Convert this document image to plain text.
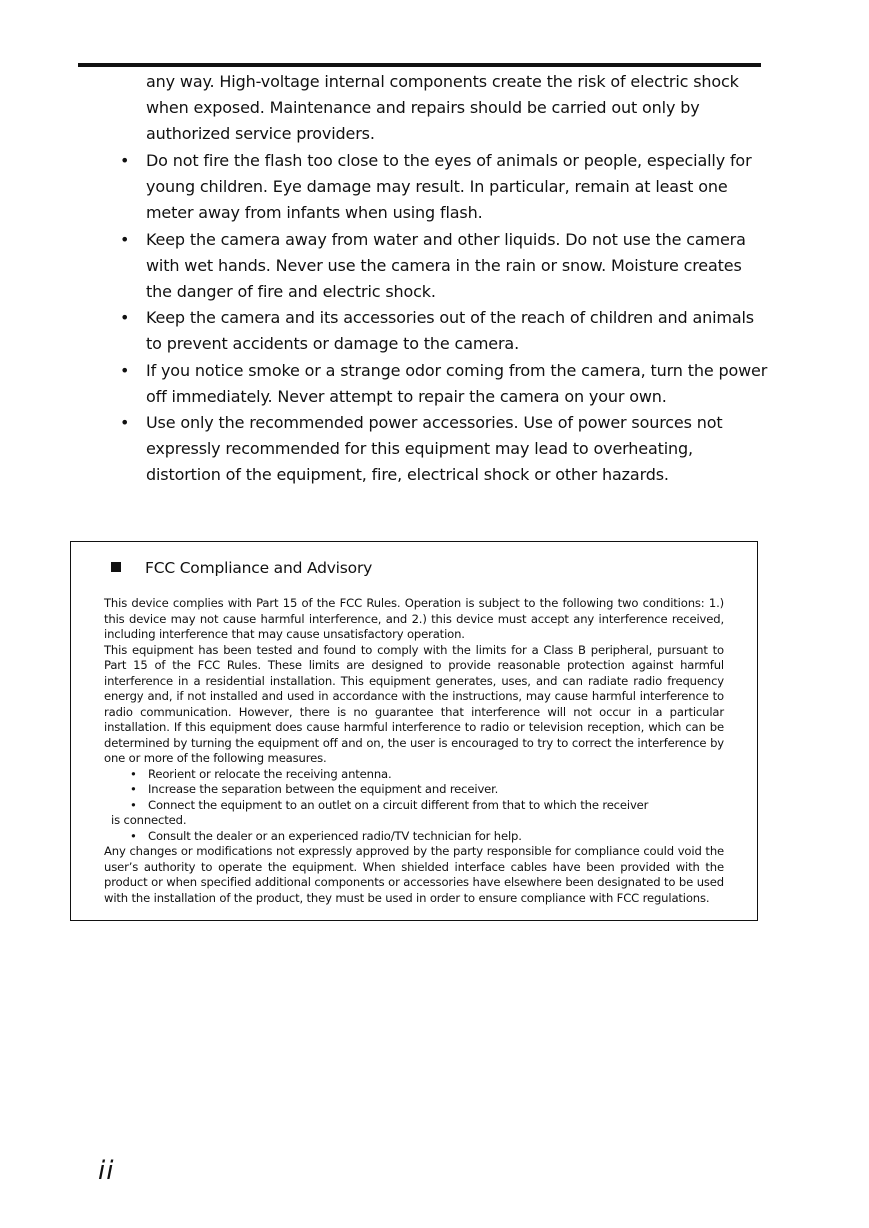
any way. High-voltage internal components create the risk of electric shock when exposed. Maintenance and repairs should be carried out only by authorized service providers.
• Do not fire the flash too close to the eyes of animals or people, especially for young children. Eye damage may result. In particular, remain at least one meter away from infants when using flash.
• Keep the camera away from water and other liquids. Do not use the camera with wet hands. Never use the camera in the rain or snow. Moisture creates the danger of fire and electric shock.
• Keep the camera and its accessories out of the reach of children and animals to prevent accidents or damage to the camera.
• If you notice smoke or a strange odor coming from the camera, turn the power off immediately. Never attempt to repair the camera on your own.
• Use only the recommended power accessories. Use of power sources not expressly recommended for this equipment may lead to overheating, distortion of the equipment, fire, electrical shock or other hazards.
FCC Compliance and Advisory

This device complies with Part 15 of the FCC Rules. Operation is subject to the following two conditions: 1.) this device may not cause harmful interference, and 2.) this device must accept any interference received, including interference that may cause unsatisfactory operation.

This equipment has been tested and found to comply with the limits for a Class B peripheral, pursuant to Part 15 of the FCC Rules. These limits are designed to provide reasonable protection against harmful interference in a residential installation. This equipment generates, uses, and can radiate radio frequency energy and, if not installed and used in accordance with the instructions, may cause harmful interference to radio communication. However, there is no guarantee that interference will not occur in a particular installation. If this equipment does cause harmful interference to radio or television reception, which can be determined by turning the equipment off and on, the user is encouraged to try to correct the interference by one or more of the following measures.

• Reorient or relocate the receiving antenna.
• Increase the separation between the equipment and receiver.
• Connect the equipment to an outlet on a circuit different from that to which the receiver
is connected.
• Consult the dealer or an experienced radio/TV technician for help.

Any changes or modifications not expressly approved by the party responsible for compliance could void the user’s authority to operate the equipment. When shielded interface cables have been provided with the product or when specified additional components or accessories have elsewhere been designated to be used with the installation of the product, they must be used in order to ensure compliance with FCC regulations.

ii
